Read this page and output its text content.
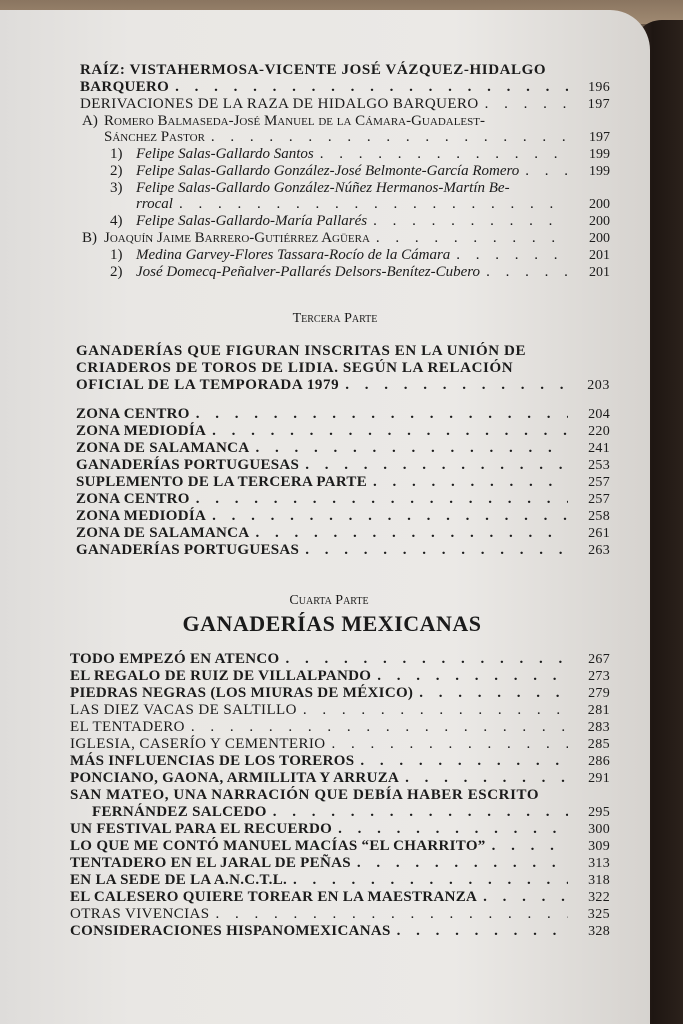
RAÍZ: VISTAHERMOSA-VICENTE JOSÉ VÁZQUEZ-HIDALGO
BARQUERO . . .	196
DERIVACIONES DE LA RAZA DE HIDALGO BARQUERO . . .	197
A) Romero Balmaseda-José Manuel de la Cámara-Guadalest-
Sánchez Pastor . . .	197
1) Felipe Salas-Gallardo Santos . . .	199
2) Felipe Salas-Gallardo González-José Belmonte-García Romero . . .	199
3) Felipe Salas-Gallardo González-Núñez Hermanos-Martín Be-
rrocal . . .	200
4) Felipe Salas-Gallardo-María Pallarés . . .	200
B) Joaquín Jaime Barrero-Gutiérrez Agüera . . .	200
1) Medina Garvey-Flores Tassara-Rocío de la Cámara . . .	201
2) José Domecq-Peñalver-Pallarés Delsors-Benítez-Cubero . . .	201
Tercera Parte
GANADERÍAS QUE FIGURAN INSCRITAS EN LA UNIÓN DE
CRIADEROS DE TOROS DE LIDIA. SEGÚN LA RELACIÓN
OFICIAL DE LA TEMPORADA 1979 . . .	203
ZONA CENTRO . . .	204
ZONA MEDIODÍA . . .	220
ZONA DE SALAMANCA . . .	241
GANADERÍAS PORTUGUESAS . . .	253
SUPLEMENTO DE LA TERCERA PARTE . . .	257
ZONA CENTRO . . .	257
ZONA MEDIODÍA . . .	258
ZONA DE SALAMANCA . . .	261
GANADERÍAS PORTUGUESAS . . .	263
Cuarta Parte
GANADERÍAS MEXICANAS
TODO EMPEZÓ EN ATENCO . . .	267
EL REGALO DE RUIZ DE VILLALPANDO . . .	273
PIEDRAS NEGRAS (LOS MIURAS DE MÉXICO) . . .	279
LAS DIEZ VACAS DE SALTILLO . . .	281
EL TENTADERO . . .	283
IGLESIA, CASERÍO Y CEMENTERIO . . .	285
MÁS INFLUENCIAS DE LOS TOREROS . . .	286
PONCIANO, GAONA, ARMILLITA Y ARRUZA . . .	291
SAN MATEO, UNA NARRACIÓN QUE DEBÍA HABER ESCRITO
FERNÁNDEZ SALCEDO . . .	295
UN FESTIVAL PARA EL RECUERDO . . .	300
LO QUE ME CONTÓ MANUEL MACÍAS “EL CHARRITO” . . .	309
TENTADERO EN EL JARAL DE PEÑAS . . .	313
EN LA SEDE DE LA A.N.C.T.L. . . .	318
EL CALESERO QUIERE TOREAR EN LA MAESTRANZA . . .	322
OTRAS VIVENCIAS . . .	325
CONSIDERACIONES HISPANOMEXICANAS . . .	328
